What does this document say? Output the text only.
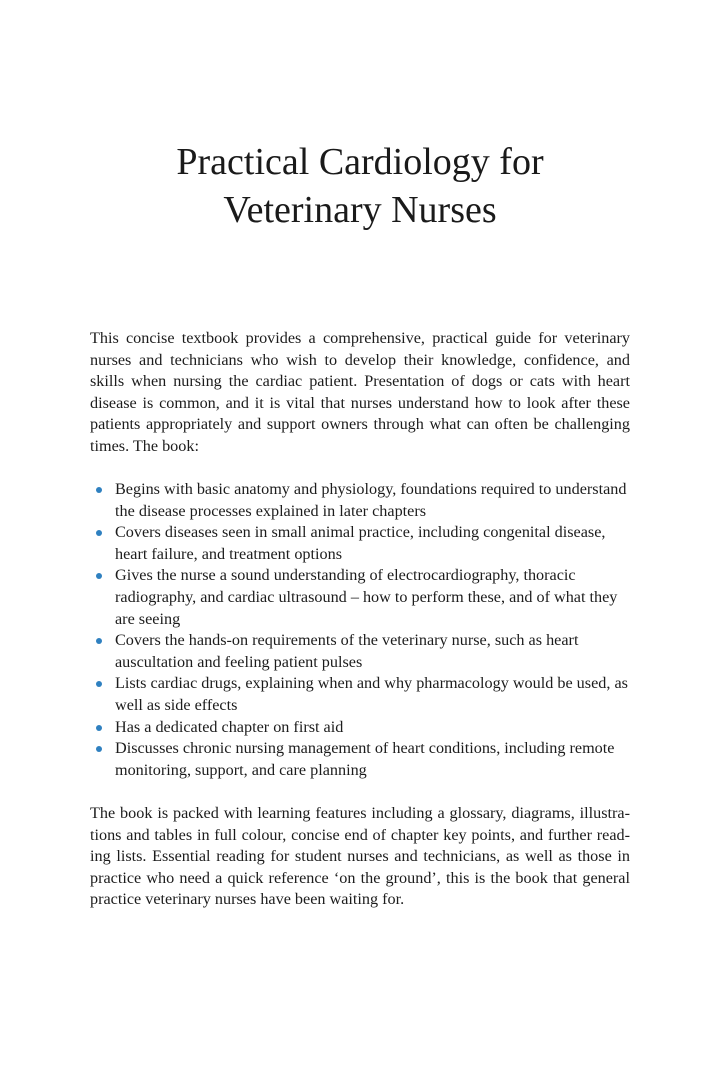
Practical Cardiology for
Veterinary Nurses

This concise textbook provides a comprehensive, practical guide for veterinary nurses and technicians who wish to develop their knowledge, confidence, and skills when nursing the cardiac patient. Presentation of dogs or cats with heart disease is common, and it is vital that nurses understand how to look after these patients appropriately and support owners through what can often be challenging times. The book:

Begins with basic anatomy and physiology, foundations required to understand the disease processes explained in later chapters
Covers diseases seen in small animal practice, including congenital disease, heart failure, and treatment options
Gives the nurse a sound understanding of electrocardiography, thoracic radiography, and cardiac ultrasound – how to perform these, and of what they are seeing
Covers the hands-on requirements of the veterinary nurse, such as heart auscultation and feeling patient pulses
Lists cardiac drugs, explaining when and why pharmacology would be used, as well as side effects
Has a dedicated chapter on first aid
Discusses chronic nursing management of heart conditions, including remote monitoring, support, and care planning

The book is packed with learning features including a glossary, diagrams, illustrations and tables in full colour, concise end of chapter key points, and further reading lists. Essential reading for student nurses and technicians, as well as those in practice who need a quick reference ‘on the ground’, this is the book that general practice veterinary nurses have been waiting for.
